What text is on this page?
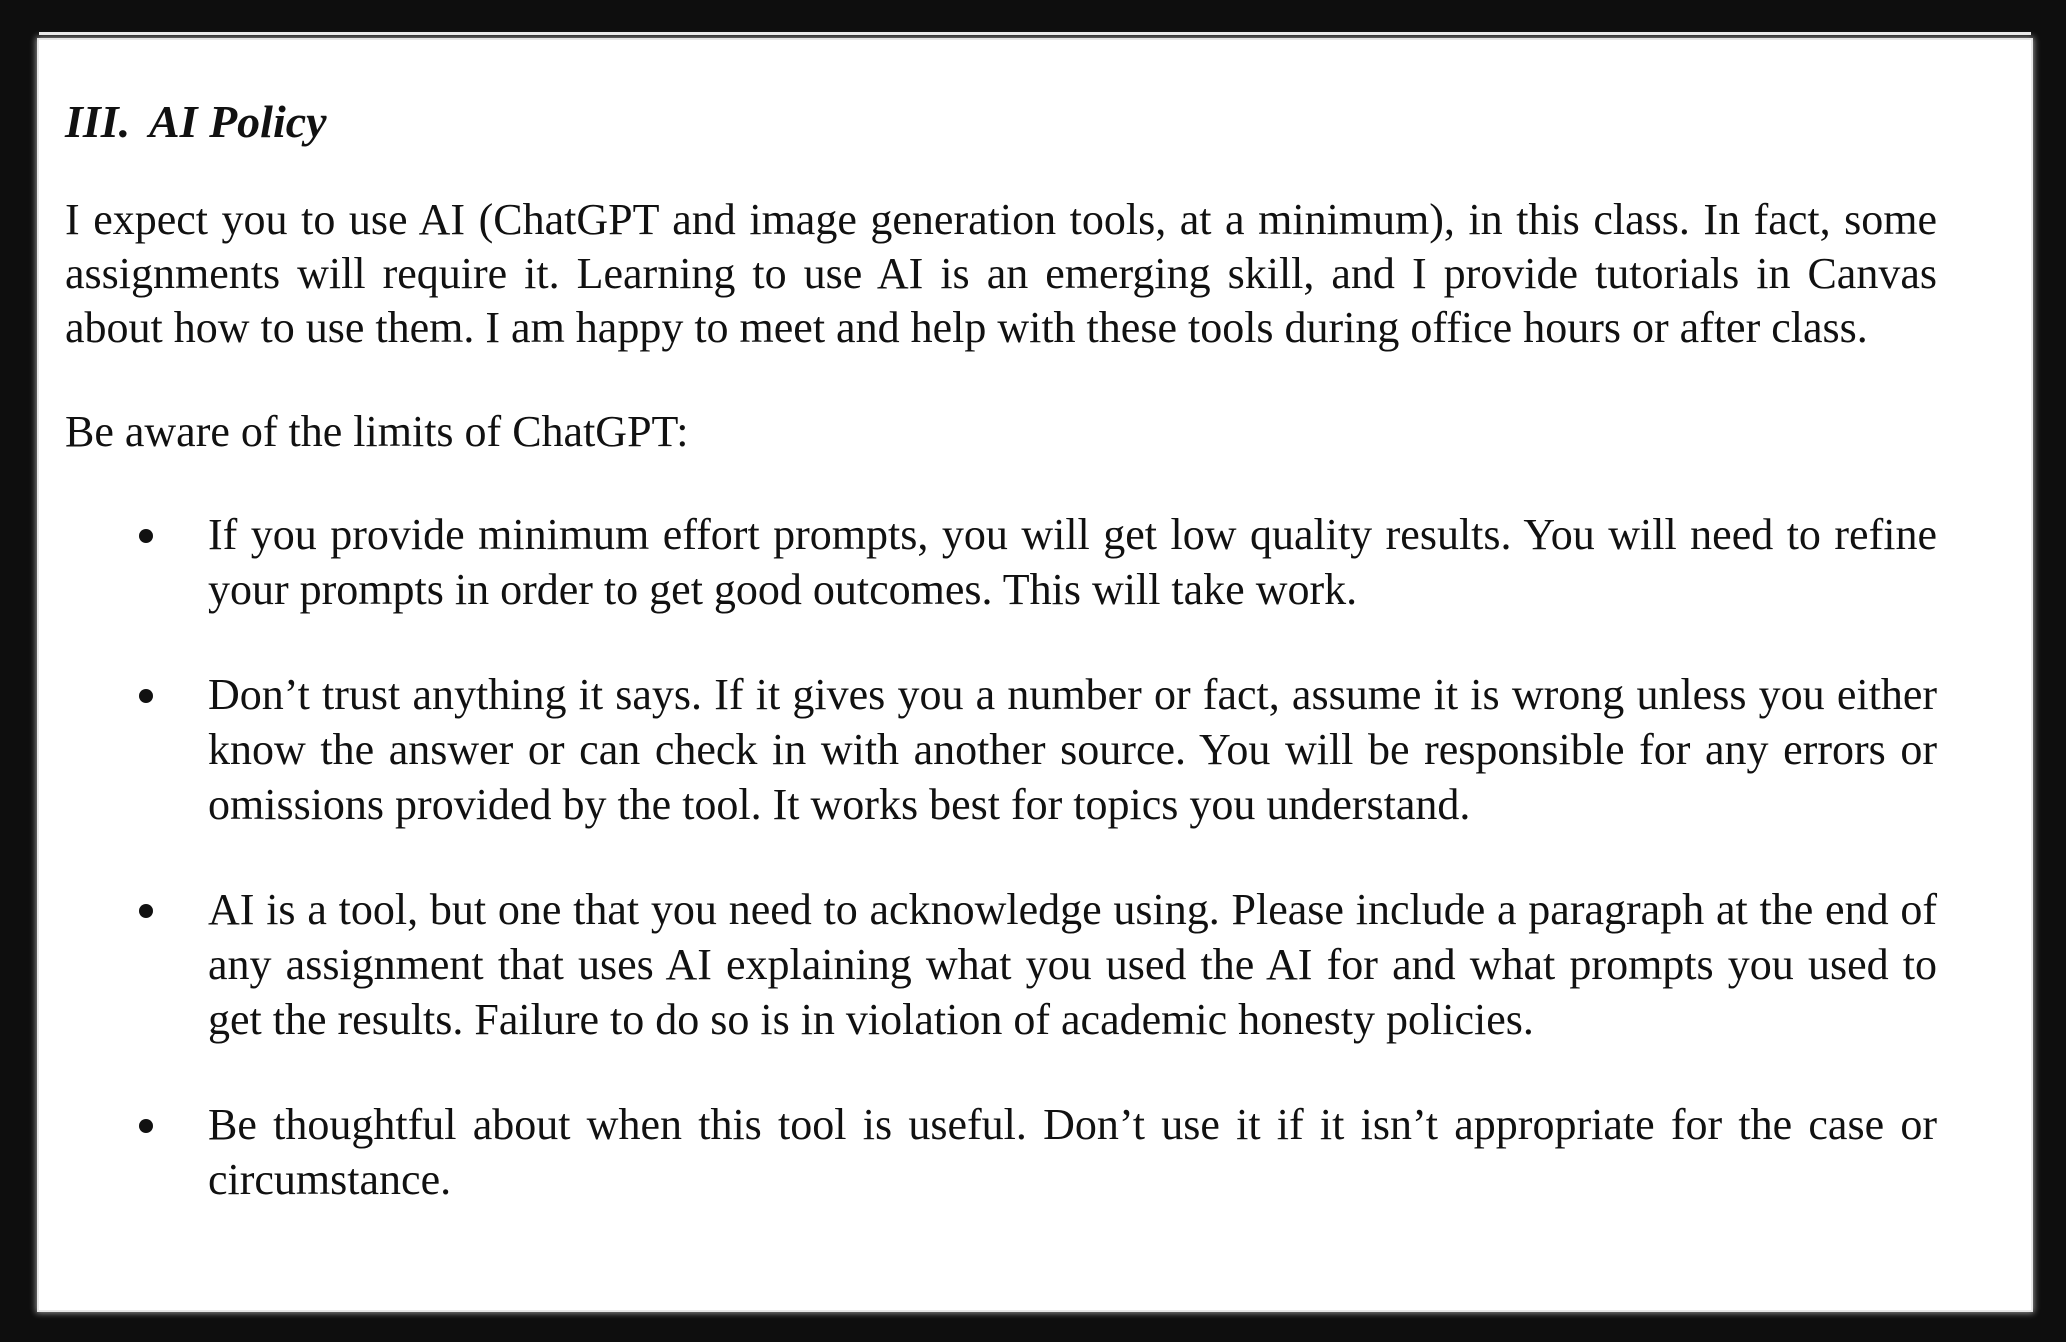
III. AI Policy

I expect you to use AI (ChatGPT and image generation tools, at a minimum), in this class. In fact, some assignments will require it. Learning to use AI is an emerging skill, and I provide tutorials in Canvas about how to use them. I am happy to meet and help with these tools during office hours or after class.

Be aware of the limits of ChatGPT:

If you provide minimum effort prompts, you will get low quality results. You will need to refine your prompts in order to get good outcomes. This will take work.
Don’t trust anything it says. If it gives you a number or fact, assume it is wrong unless you either know the answer or can check in with another source. You will be responsible for any errors or omissions provided by the tool. It works best for topics you understand.
AI is a tool, but one that you need to acknowledge using. Please include a paragraph at the end of any assignment that uses AI explaining what you used the AI for and what prompts you used to get the results. Failure to do so is in violation of academic honesty policies.
Be thoughtful about when this tool is useful. Don’t use it if it isn’t appropriate for the case or circumstance.
